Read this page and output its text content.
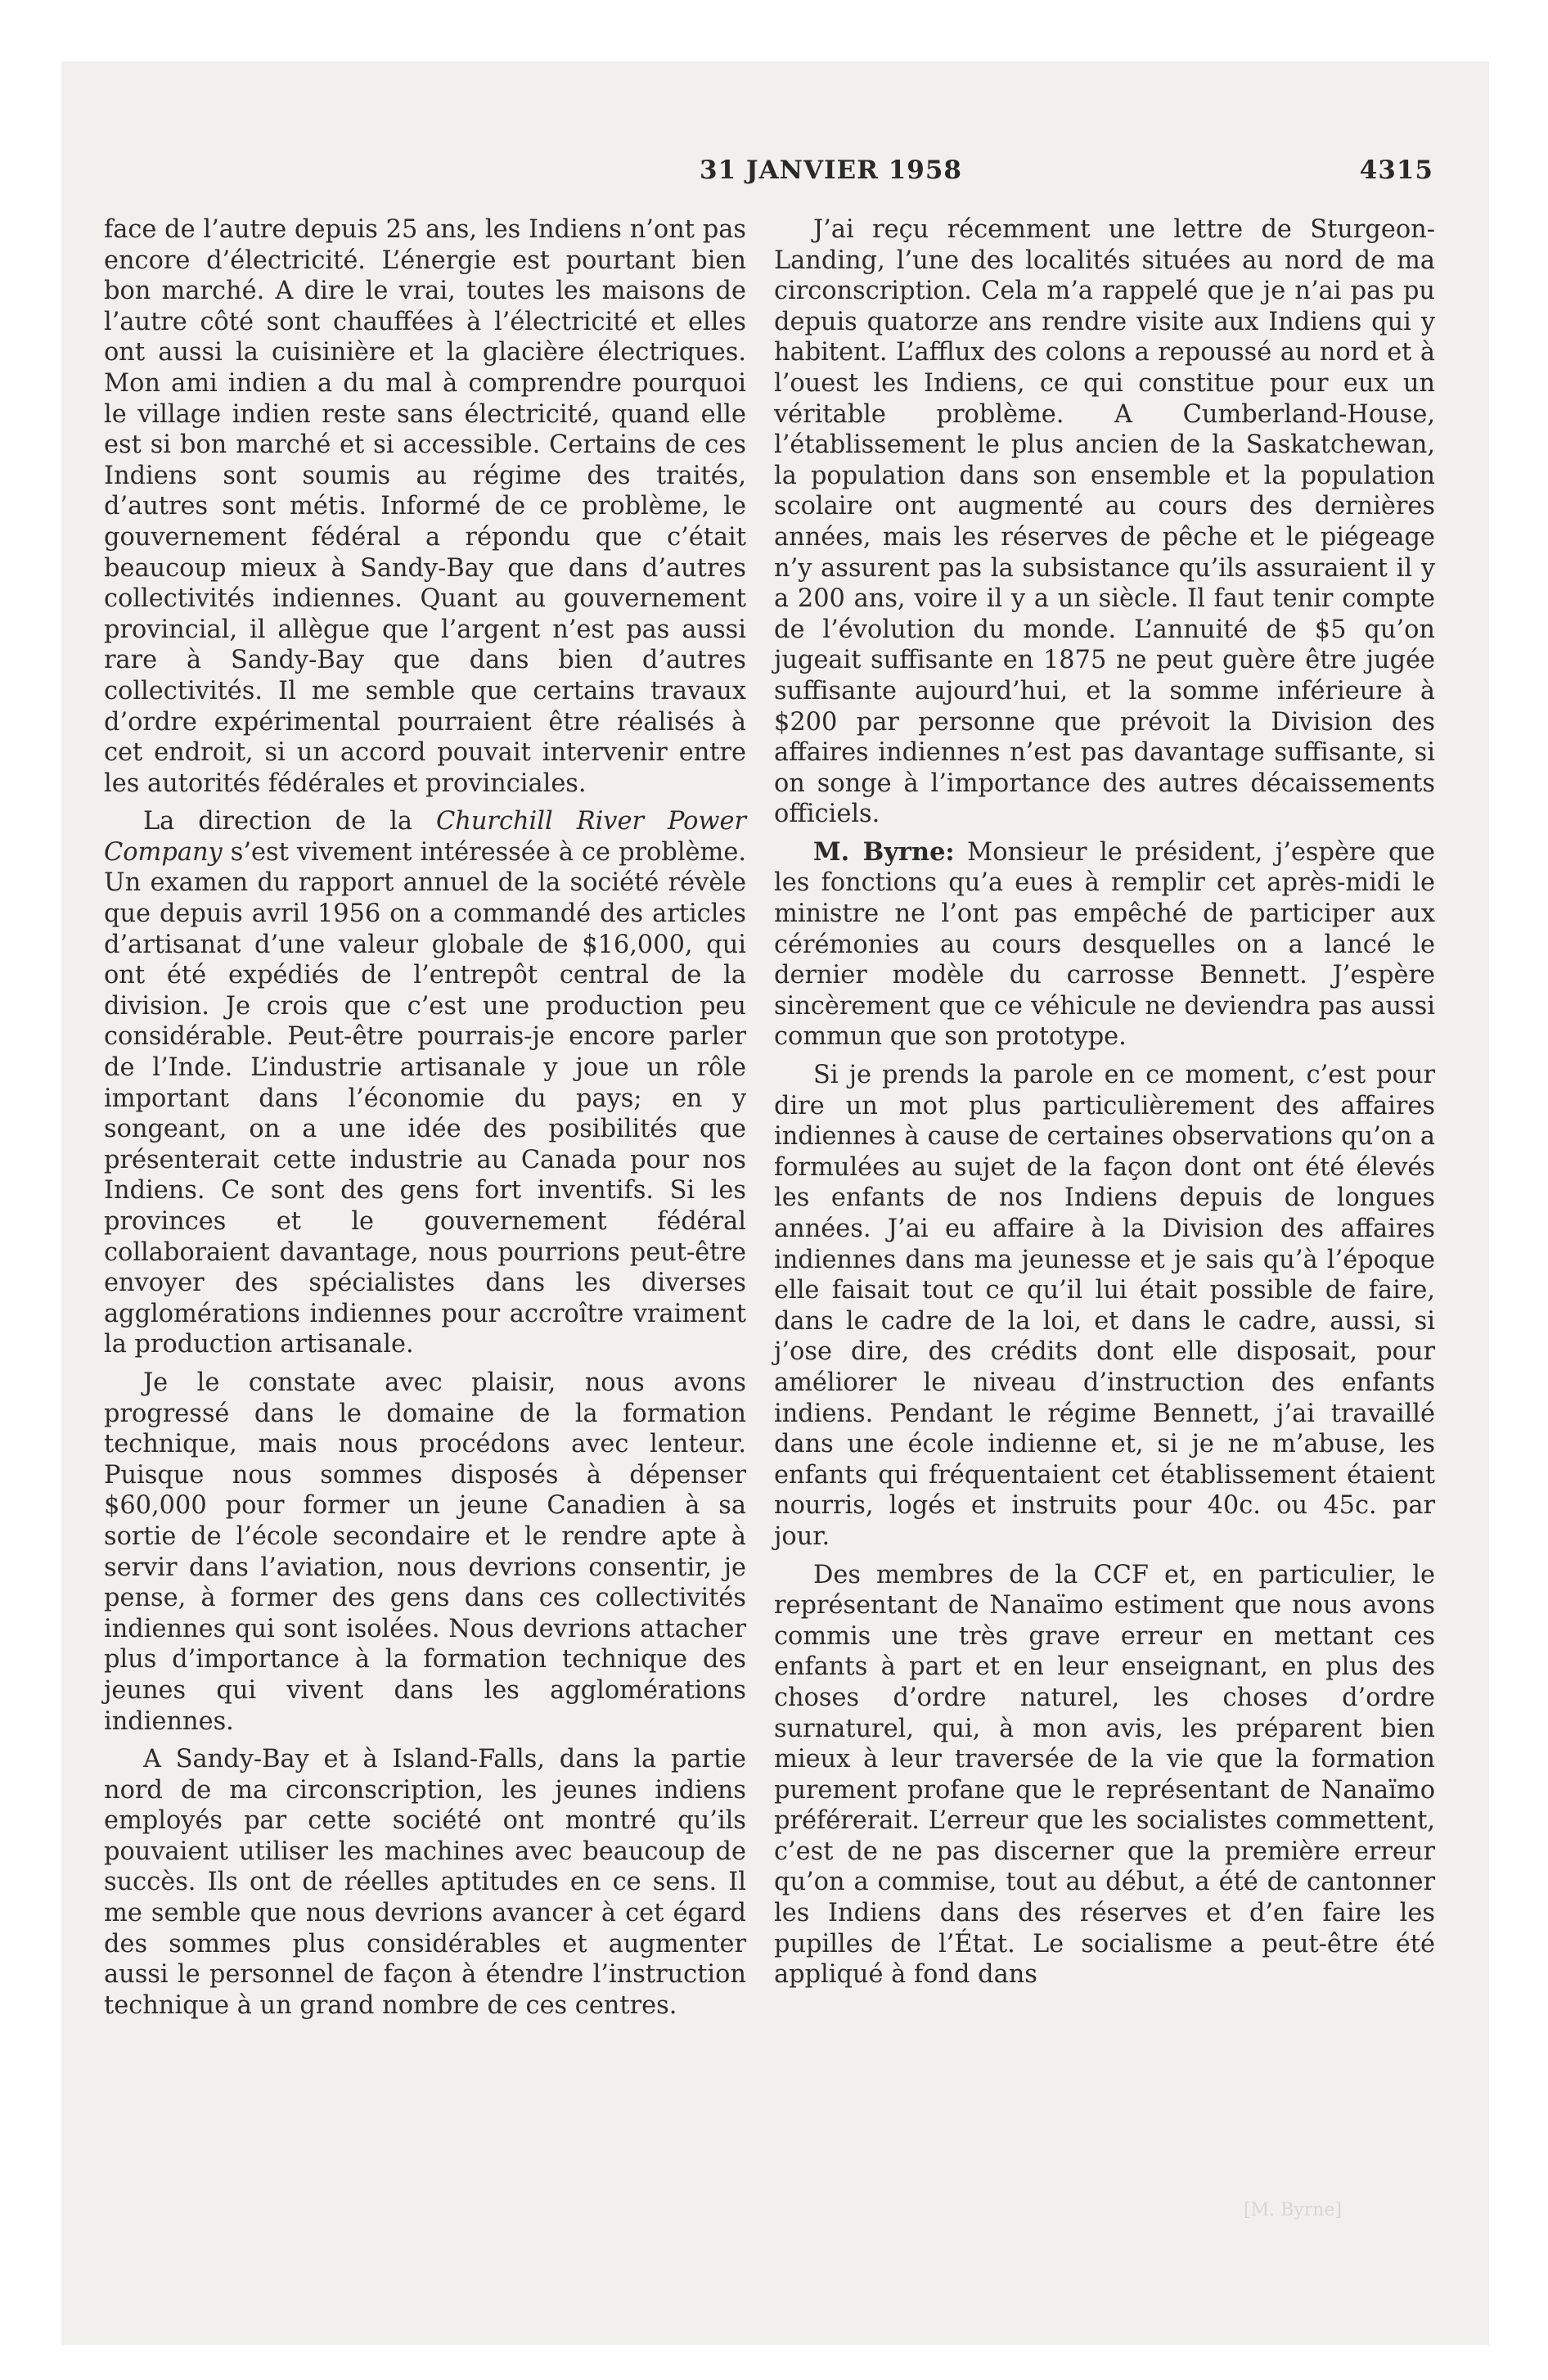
31 JANVIER 1958	4315

face de l’autre depuis 25 ans, les Indiens n’ont pas encore d’électricité. L’énergie est pourtant bien bon marché. A dire le vrai, toutes les maisons de l’autre côté sont chauffées à l’électricité et elles ont aussi la cuisinière et la glacière électriques. Mon ami indien a du mal à comprendre pourquoi le village indien reste sans électricité, quand elle est si bon marché et si accessible. Certains de ces Indiens sont soumis au régime des traités, d’autres sont métis. Informé de ce problème, le gouvernement fédéral a répondu que c’était beaucoup mieux à Sandy-Bay que dans d’autres collectivités indiennes. Quant au gouvernement provincial, il allègue que l’argent n’est pas aussi rare à Sandy-Bay que dans bien d’autres collectivités. Il me semble que certains travaux d’ordre expérimental pourraient être réalisés à cet endroit, si un accord pouvait intervenir entre les autorités fédérales et provinciales.

La direction de la Churchill River Power Company s’est vivement intéressée à ce problème. Un examen du rapport annuel de la société révèle que depuis avril 1956 on a commandé des articles d’artisanat d’une valeur globale de $16,000, qui ont été expédiés de l’entrepôt central de la division. Je crois que c’est une production peu considérable. Peut-être pourrais-je encore parler de l’Inde. L’industrie artisanale y joue un rôle important dans l’économie du pays; en y songeant, on a une idée des posibilités que présenterait cette industrie au Canada pour nos Indiens. Ce sont des gens fort inventifs. Si les provinces et le gouvernement fédéral collaboraient davantage, nous pourrions peut-être envoyer des spécialistes dans les diverses agglomérations indiennes pour accroître vraiment la production artisanale.

Je le constate avec plaisir, nous avons progressé dans le domaine de la formation technique, mais nous procédons avec lenteur. Puisque nous sommes disposés à dépenser $60,000 pour former un jeune Canadien à sa sortie de l’école secondaire et le rendre apte à servir dans l’aviation, nous devrions consentir, je pense, à former des gens dans ces collectivités indiennes qui sont isolées. Nous devrions attacher plus d’importance à la formation technique des jeunes qui vivent dans les agglomérations indiennes.

A Sandy-Bay et à Island-Falls, dans la partie nord de ma circonscription, les jeunes indiens employés par cette société ont montré qu’ils pouvaient utiliser les machines avec beaucoup de succès. Ils ont de réelles aptitudes en ce sens. Il me semble que nous devrions avancer à cet égard des sommes plus considérables et augmenter aussi le personnel de façon à étendre l’instruction technique à un grand nombre de ces centres.

J’ai reçu récemment une lettre de Sturgeon-Landing, l’une des localités situées au nord de ma circonscription. Cela m’a rappelé que je n’ai pas pu depuis quatorze ans rendre visite aux Indiens qui y habitent. L’afflux des colons a repoussé au nord et à l’ouest les Indiens, ce qui constitue pour eux un véritable problème. A Cumberland-House, l’établissement le plus ancien de la Saskatchewan, la population dans son ensemble et la population scolaire ont augmenté au cours des dernières années, mais les réserves de pêche et le piégeage n’y assurent pas la subsistance qu’ils assuraient il y a 200 ans, voire il y a un siècle. Il faut tenir compte de l’évolution du monde. L’annuité de $5 qu’on jugeait suffisante en 1875 ne peut guère être jugée suffisante aujourd’hui, et la somme inférieure à $200 par personne que prévoit la Division des affaires indiennes n’est pas davantage suffisante, si on songe à l’importance des autres décaissements officiels.

M. Byrne: Monsieur le président, j’espère que les fonctions qu’a eues à remplir cet après-midi le ministre ne l’ont pas empêché de participer aux cérémonies au cours desquelles on a lancé le dernier modèle du carrosse Bennett. J’espère sincèrement que ce véhicule ne deviendra pas aussi commun que son prototype.

Si je prends la parole en ce moment, c’est pour dire un mot plus particulièrement des affaires indiennes à cause de certaines observations qu’on a formulées au sujet de la façon dont ont été élevés les enfants de nos Indiens depuis de longues années. J’ai eu affaire à la Division des affaires indiennes dans ma jeunesse et je sais qu’à l’époque elle faisait tout ce qu’il lui était possible de faire, dans le cadre de la loi, et dans le cadre, aussi, si j’ose dire, des crédits dont elle disposait, pour améliorer le niveau d’instruction des enfants indiens. Pendant le régime Bennett, j’ai travaillé dans une école indienne et, si je ne m’abuse, les enfants qui fréquentaient cet établissement étaient nourris, logés et instruits pour 40c. ou 45c. par jour.

Des membres de la CCF et, en particulier, le représentant de Nanaïmo estiment que nous avons commis une très grave erreur en mettant ces enfants à part et en leur enseignant, en plus des choses d’ordre naturel, les choses d’ordre surnaturel, qui, à mon avis, les préparent bien mieux à leur traversée de la vie que la formation purement profane que le représentant de Nanaïmo préférerait. L’erreur que les socialistes commettent, c’est de ne pas discerner que la première erreur qu’on a commise, tout au début, a été de cantonner les Indiens dans des réserves et d’en faire les pupilles de l’État. Le socialisme a peut-être été appliqué à fond dans

[M. Byrne]
